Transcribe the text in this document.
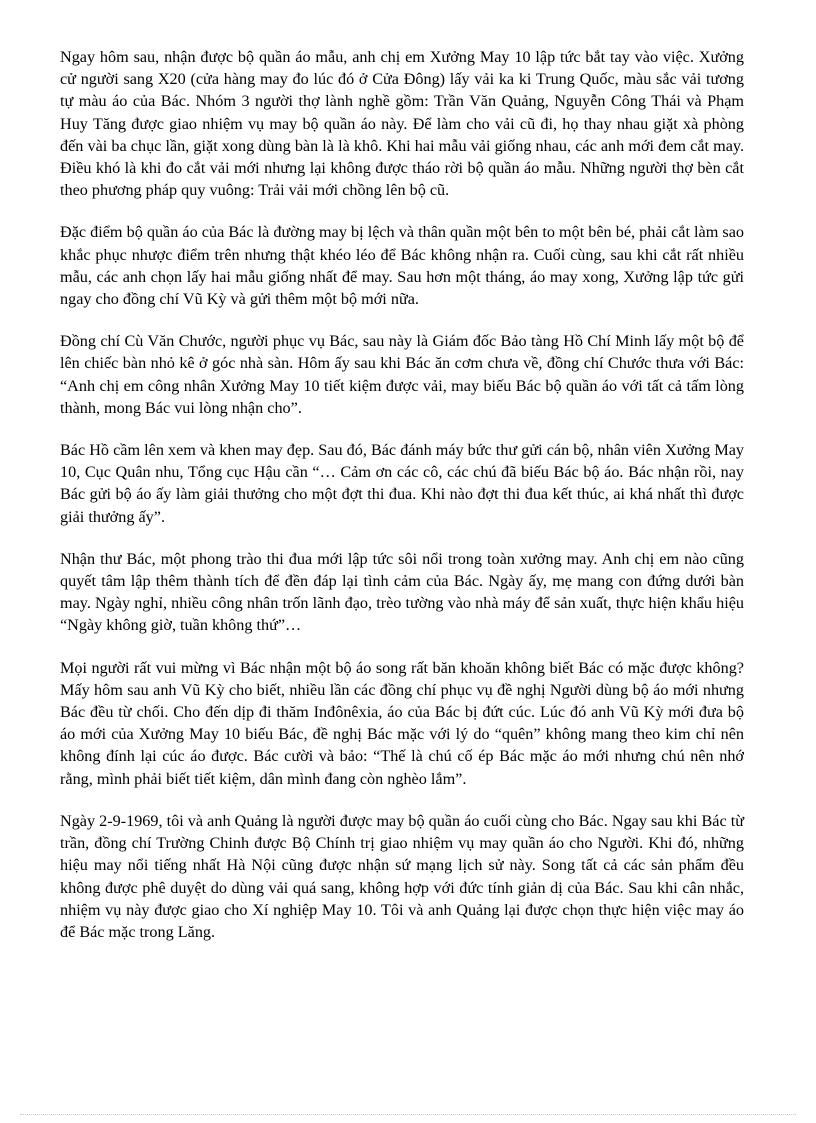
Ngay hôm sau, nhận được bộ quần áo mẫu, anh chị em Xưởng May 10 lập tức bắt tay vào việc. Xưởng cử người sang X20 (cửa hàng may đo lúc đó ở Cửa Đông) lấy vải ka ki Trung Quốc, màu sắc vải tương tự màu áo của Bác. Nhóm 3 người thợ lành nghề gồm: Trần Văn Quảng, Nguyễn Công Thái và Phạm Huy Tăng được giao nhiệm vụ may bộ quần áo này. Để làm cho vải cũ đi, họ thay nhau giặt xà phòng đến vài ba chục lần, giặt xong dùng bàn là là khô. Khi hai mẫu vải giống nhau, các anh mới đem cắt may. Điều khó là khi đo cắt vải mới nhưng lại không được tháo rời bộ quần áo mẫu. Những người thợ bèn cắt theo phương pháp quy vuông: Trải vải mới chồng lên bộ cũ.

Đặc điểm bộ quần áo của Bác là đường may bị lệch và thân quần một bên to một bên bé, phải cắt làm sao khắc phục nhược điểm trên nhưng thật khéo léo để Bác không nhận ra. Cuối cùng, sau khi cắt rất nhiều mẫu, các anh chọn lấy hai mẫu giống nhất để may. Sau hơn một tháng, áo may xong, Xưởng lập tức gửi ngay cho đồng chí Vũ Kỳ và gửi thêm một bộ mới nữa.

Đồng chí Cù Văn Chước, người phục vụ Bác, sau này là Giám đốc Bảo tàng Hồ Chí Minh lấy một bộ để lên chiếc bàn nhỏ kê ở góc nhà sàn. Hôm ấy sau khi Bác ăn cơm chưa về, đồng chí Chước thưa với Bác: “Anh chị em công nhân Xưởng May 10 tiết kiệm được vải, may biếu Bác bộ quần áo với tất cả tấm lòng thành, mong Bác vui lòng nhận cho”.

Bác Hồ cầm lên xem và khen may đẹp. Sau đó, Bác đánh máy bức thư gửi cán bộ, nhân viên Xưởng May 10, Cục Quân nhu, Tổng cục Hậu cần “… Cảm ơn các cô, các chú đã biếu Bác bộ áo. Bác nhận rồi, nay Bác gửi bộ áo ấy làm giải thưởng cho một đợt thi đua. Khi nào đợt thi đua kết thúc, ai khá nhất thì được giải thưởng ấy”.

Nhận thư Bác, một phong trào thi đua mới lập tức sôi nổi trong toàn xưởng may. Anh chị em nào cũng quyết tâm lập thêm thành tích để đền đáp lại tình cảm của Bác. Ngày ấy, mẹ mang con đứng dưới bàn may. Ngày nghỉ, nhiều công nhân trốn lãnh đạo, trèo tường vào nhà máy để sản xuất, thực hiện khẩu hiệu “Ngày không giờ, tuần không thứ”…

Mọi người rất vui mừng vì Bác nhận một bộ áo song rất băn khoăn không biết Bác có mặc được không? Mấy hôm sau anh Vũ Kỳ cho biết, nhiều lần các đồng chí phục vụ đề nghị Người dùng bộ áo mới nhưng Bác đều từ chối. Cho đến dịp đi thăm Inđônêxia, áo của Bác bị đứt cúc. Lúc đó anh Vũ Kỳ mới đưa bộ áo mới của Xưởng May 10 biếu Bác, đề nghị Bác mặc với lý do “quên” không mang theo kim chỉ nên không đính lại cúc áo được. Bác cười và bảo: “Thế là chú cố ép Bác mặc áo mới nhưng chú nên nhớ rằng, mình phải biết tiết kiệm, dân mình đang còn nghèo lắm”.

Ngày 2-9-1969, tôi và anh Quảng là người được may bộ quần áo cuối cùng cho Bác. Ngay sau khi Bác từ trần, đồng chí Trường Chinh được Bộ Chính trị giao nhiệm vụ may quần áo cho Người. Khi đó, những hiệu may nổi tiếng nhất Hà Nội cũng được nhận sứ mạng lịch sử này. Song tất cả các sản phẩm đều không được phê duyệt do dùng vải quá sang, không hợp với đức tính giản dị của Bác. Sau khi cân nhắc, nhiệm vụ này được giao cho Xí nghiệp May 10. Tôi và anh Quảng lại được chọn thực hiện việc may áo để Bác mặc trong Lăng.
